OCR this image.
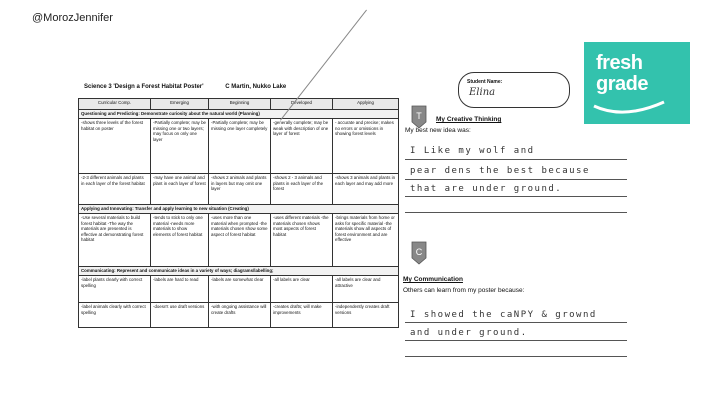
@MorozJennifer
Science 3 'Design a Forest Habitat Poster'	C Martin, Nukko Lake
Curricular Comp.	Emerging	Beginning	Developed	Applying
Questioning and Predicting: Demonstrate curiosity about the natural world (Planning)				
-shows three levels of the forest habitat on poster	-Partially complete; may be missing one or two layers; may focus on only one layer	-Partially complete; may be missing one layer completely	-generally complete; may be weak with description of one layer of forest	- accurate and precise; makes no errors or omissions in showing forest levels
-2-3 different animals and plants in each layer of the forest habitat	-may have one animal and plant in each layer of forest	-shows 2 animals and plants in layers but may omit one layer	-shows 2 - 3 animals and plants in each layer of the forest	-shows 3 animals and plants in each layer and may add more
Applying and Innovating: Transfer and apply learning to new situation (Creating)				
-Use several materials to build forest habitat -The way the materials are presented is effective at demonstrating forest habitat	-tends to stick to only one material -needs more materials to show elements of forest habitat	-uses more than one material when prompted -the materials chosen show some aspect of forest habitat	-uses different materials -the materials chosen shows most aspects of forest habitat	-brings materials from home or asks for specific material -the materials show all aspects of forest environment and are effective
Communicating: Represent and communicate ideas in a variety of ways; diagrams/labelling;				
-label plants clearly with correct spelling	-labels are hard to read	-labels are somewhat clear	-all labels are clear	-all labels are clear and attractive
-label animals clearly with correct spelling	-doesn't use draft versions	-with ongoing assistance will create drafts	-creates drafts; will make improvements	-independently creates draft versions
Student Name:
Elina
fresh
grade
T My Creative Thinking
My best new idea was:
I Like my wolf and
pear dens the best because
that are under ground.
C
My Communication
Others can learn from my poster because:
I showed the caNPY & grownd
and under ground.
